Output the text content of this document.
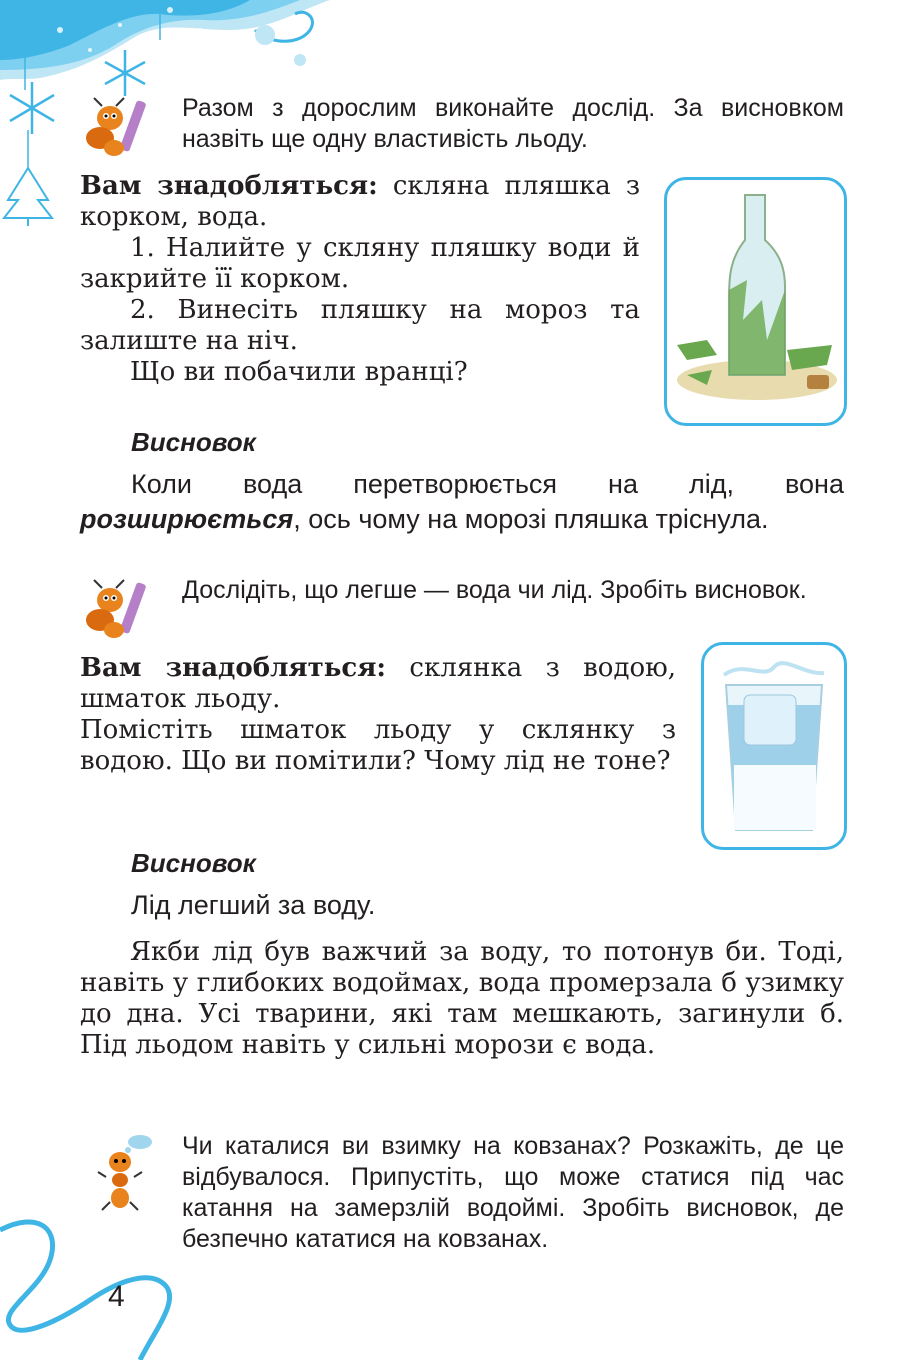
Разом з дорослим виконайте дослід. За висновком назвіть ще одну властивість льоду.

Вам знадобляться: скляна пляшка з корком, вода.

1. Налийте у скляну пляшку води й закрийте її корком.

2. Винесіть пляшку на мороз та залиште на ніч.

Що ви побачили вранці?

Висновок
Коли вода перетворюється на лід, вона розширюється, ось чому на морозі пляшка тріснула.
Дослідіть, що легше — вода чи лід. Зробіть висновок.

Вам знадобляться: склянка з водою, шматок льоду.

Помістіть шматок льоду у склянку з водою. Що ви помітили? Чому лід не тоне?

Висновок
Лід легший за воду.
Якби лід був важчий за воду, то потонув би. Тоді, навіть у глибоких водоймах, вода промерзала б узимку до дна. Усі тварини, які там мешкають, загинули б. Під льодом навіть у сильні морози є вода.
Чи каталися ви взимку на ковзанах? Розкажіть, де це відбувалося. Припустіть, що може статися під час катання на замерзлій водоймі. Зробіть висновок, де безпечно кататися на ковзанах.
4
